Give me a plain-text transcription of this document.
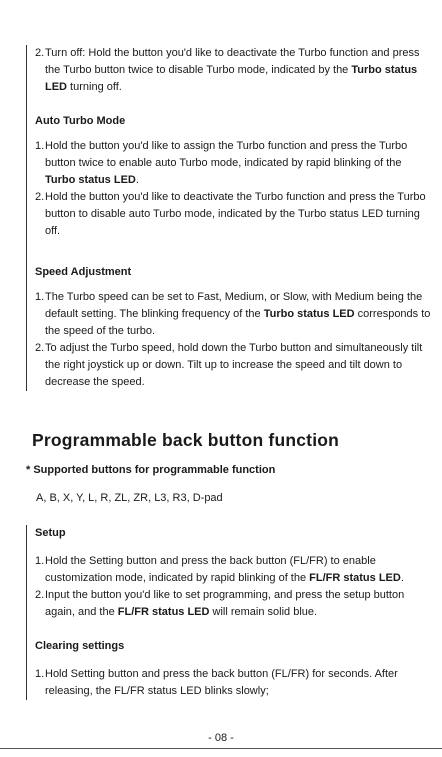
2. Turn off: Hold the button you'd like to deactivate the Turbo function and press the Turbo button twice to disable Turbo mode, indicated by the Turbo status LED turning off.
Auto Turbo Mode
1. Hold the button you'd like to assign the Turbo function and press the Turbo button twice to enable auto Turbo mode, indicated by rapid blinking of the Turbo status LED.
2. Hold the button you'd like to deactivate the Turbo function and press the Turbo button to disable auto Turbo mode, indicated by the Turbo status LED turning off.
Speed Adjustment
1. The Turbo speed can be set to Fast, Medium, or Slow, with Medium being the default setting. The blinking frequency of the Turbo status LED corresponds to the speed of the turbo.
2. To adjust the Turbo speed, hold down the Turbo button and simultaneously tilt the right joystick up or down. Tilt up to increase the speed and tilt down to decrease the speed.
Programmable back button function
* Supported buttons for programmable function
A, B, X, Y, L, R, ZL, ZR, L3, R3, D-pad
Setup
1. Hold the Setting button and press the back button (FL/FR) to enable customization mode, indicated by rapid blinking of the FL/FR status LED.
2. Input the button you'd like to set programming, and press the setup button again, and the FL/FR status LED will remain solid blue.
Clearing settings
1. Hold Setting button and press the back button (FL/FR) for seconds. After releasing, the FL/FR status LED blinks slowly;
- 08 -
